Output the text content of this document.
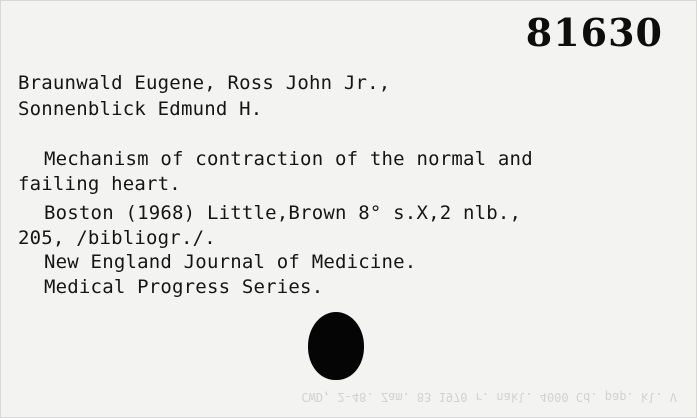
81630
Braunwald Eugene, Ross John Jr.,
Sonnenblick Edmund H.
Mechanism of contraction of the normal and
failing heart.
Boston (1968) Little,Brown 8° s.X,2 nlb.,
205, /bibliogr./.
New England Journal of Medicine.
Medical Progress Series.
CWD, 2-48. Zam. 83 1970 r. nakl. 4000 Cd. pap. kl. V
